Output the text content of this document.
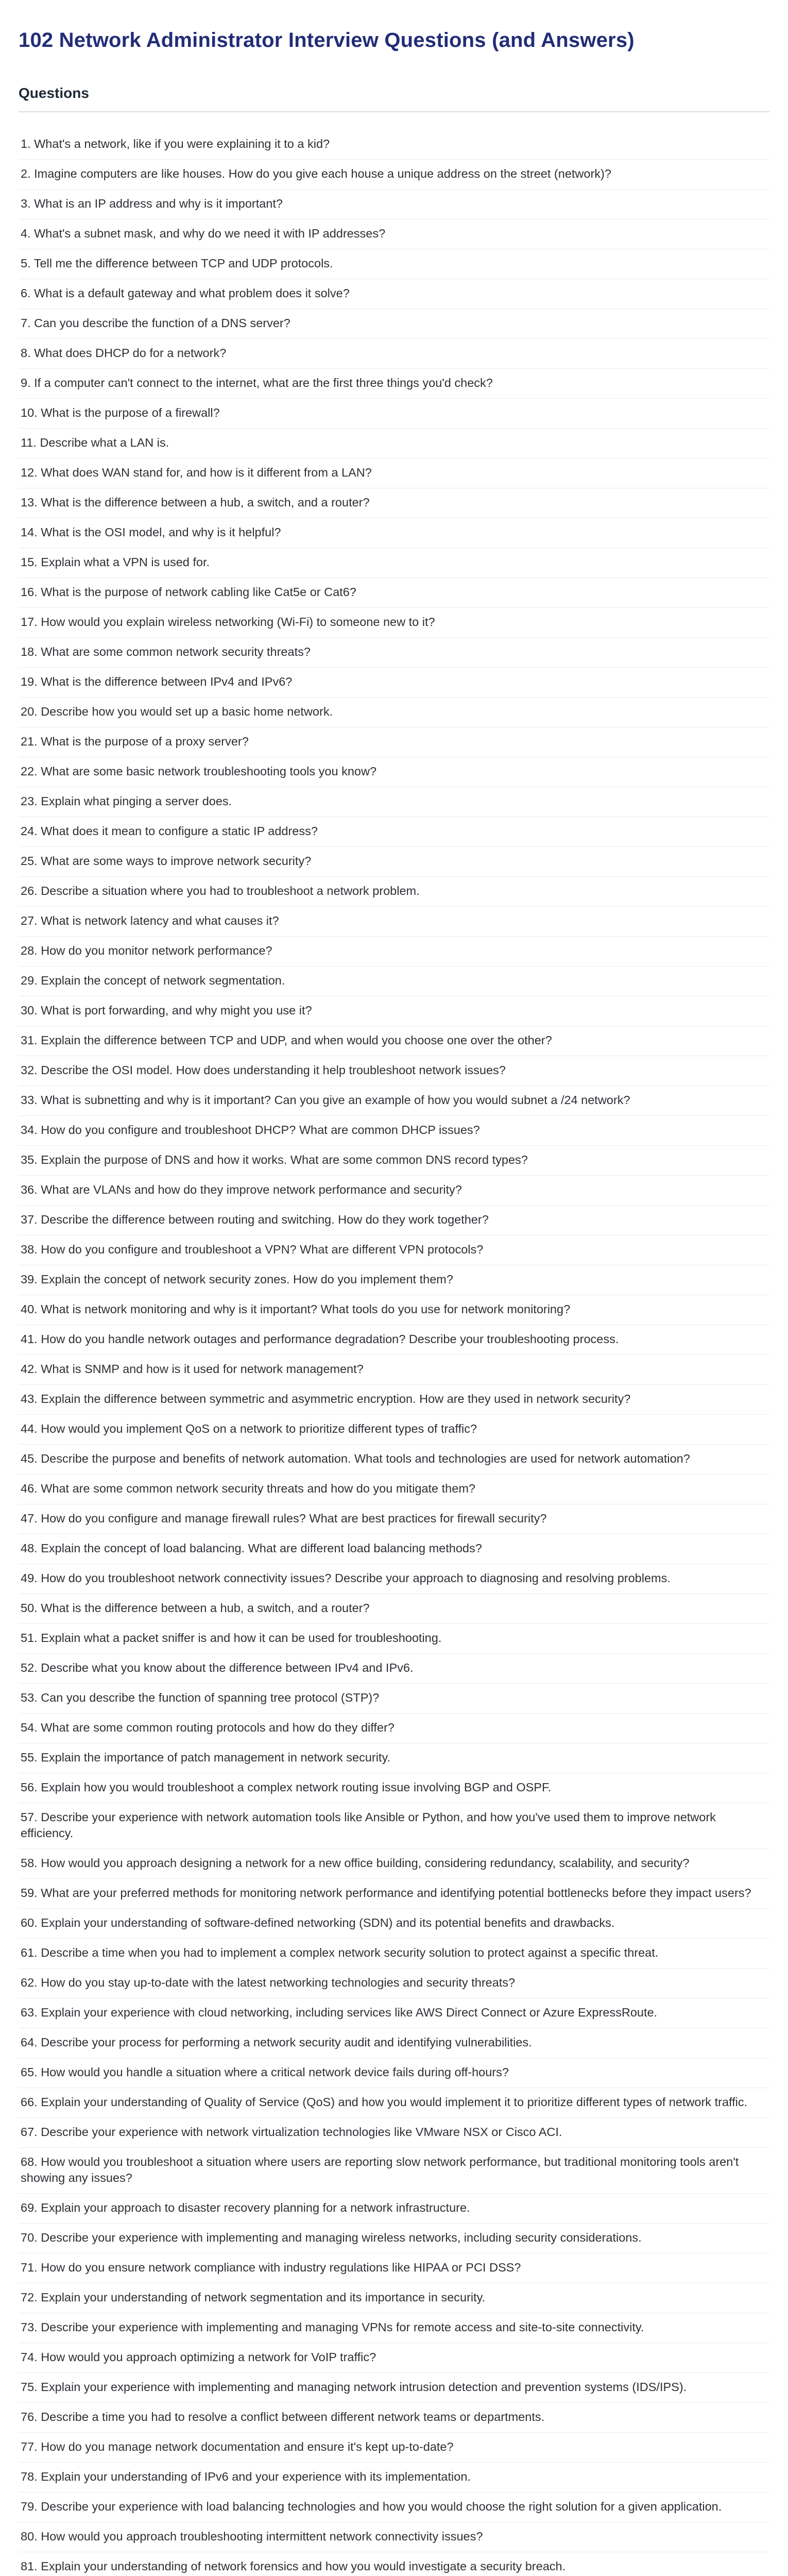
102 Network Administrator Interview Questions (and Answers)
Questions
1. What's a network, like if you were explaining it to a kid?
2. Imagine computers are like houses. How do you give each house a unique address on the street (network)?
3. What is an IP address and why is it important?
4. What's a subnet mask, and why do we need it with IP addresses?
5. Tell me the difference between TCP and UDP protocols.
6. What is a default gateway and what problem does it solve?
7. Can you describe the function of a DNS server?
8. What does DHCP do for a network?
9. If a computer can't connect to the internet, what are the first three things you'd check?
10. What is the purpose of a firewall?
11. Describe what a LAN is.
12. What does WAN stand for, and how is it different from a LAN?
13. What is the difference between a hub, a switch, and a router?
14. What is the OSI model, and why is it helpful?
15. Explain what a VPN is used for.
16. What is the purpose of network cabling like Cat5e or Cat6?
17. How would you explain wireless networking (Wi-Fi) to someone new to it?
18. What are some common network security threats?
19. What is the difference between IPv4 and IPv6?
20. Describe how you would set up a basic home network.
21. What is the purpose of a proxy server?
22. What are some basic network troubleshooting tools you know?
23. Explain what pinging a server does.
24. What does it mean to configure a static IP address?
25. What are some ways to improve network security?
26. Describe a situation where you had to troubleshoot a network problem.
27. What is network latency and what causes it?
28. How do you monitor network performance?
29. Explain the concept of network segmentation.
30. What is port forwarding, and why might you use it?
31. Explain the difference between TCP and UDP, and when would you choose one over the other?
32. Describe the OSI model. How does understanding it help troubleshoot network issues?
33. What is subnetting and why is it important? Can you give an example of how you would subnet a /24 network?
34. How do you configure and troubleshoot DHCP? What are common DHCP issues?
35. Explain the purpose of DNS and how it works. What are some common DNS record types?
36. What are VLANs and how do they improve network performance and security?
37. Describe the difference between routing and switching. How do they work together?
38. How do you configure and troubleshoot a VPN? What are different VPN protocols?
39. Explain the concept of network security zones. How do you implement them?
40. What is network monitoring and why is it important? What tools do you use for network monitoring?
41. How do you handle network outages and performance degradation? Describe your troubleshooting process.
42. What is SNMP and how is it used for network management?
43. Explain the difference between symmetric and asymmetric encryption. How are they used in network security?
44. How would you implement QoS on a network to prioritize different types of traffic?
45. Describe the purpose and benefits of network automation. What tools and technologies are used for network automation?
46. What are some common network security threats and how do you mitigate them?
47. How do you configure and manage firewall rules? What are best practices for firewall security?
48. Explain the concept of load balancing. What are different load balancing methods?
49. How do you troubleshoot network connectivity issues? Describe your approach to diagnosing and resolving problems.
50. What is the difference between a hub, a switch, and a router?
51. Explain what a packet sniffer is and how it can be used for troubleshooting.
52. Describe what you know about the difference between IPv4 and IPv6.
53. Can you describe the function of spanning tree protocol (STP)?
54. What are some common routing protocols and how do they differ?
55. Explain the importance of patch management in network security.
56. Explain how you would troubleshoot a complex network routing issue involving BGP and OSPF.
57. Describe your experience with network automation tools like Ansible or Python, and how you've used them to improve network efficiency.
58. How would you approach designing a network for a new office building, considering redundancy, scalability, and security?
59. What are your preferred methods for monitoring network performance and identifying potential bottlenecks before they impact users?
60. Explain your understanding of software-defined networking (SDN) and its potential benefits and drawbacks.
61. Describe a time when you had to implement a complex network security solution to protect against a specific threat.
62. How do you stay up-to-date with the latest networking technologies and security threats?
63. Explain your experience with cloud networking, including services like AWS Direct Connect or Azure ExpressRoute.
64. Describe your process for performing a network security audit and identifying vulnerabilities.
65. How would you handle a situation where a critical network device fails during off-hours?
66. Explain your understanding of Quality of Service (QoS) and how you would implement it to prioritize different types of network traffic.
67. Describe your experience with network virtualization technologies like VMware NSX or Cisco ACI.
68. How would you troubleshoot a situation where users are reporting slow network performance, but traditional monitoring tools aren't showing any issues?
69. Explain your approach to disaster recovery planning for a network infrastructure.
70. Describe your experience with implementing and managing wireless networks, including security considerations.
71. How do you ensure network compliance with industry regulations like HIPAA or PCI DSS?
72. Explain your understanding of network segmentation and its importance in security.
73. Describe your experience with implementing and managing VPNs for remote access and site-to-site connectivity.
74. How would you approach optimizing a network for VoIP traffic?
75. Explain your experience with implementing and managing network intrusion detection and prevention systems (IDS/IPS).
76. Describe a time you had to resolve a conflict between different network teams or departments.
77. How do you manage network documentation and ensure it's kept up-to-date?
78. Explain your understanding of IPv6 and your experience with its implementation.
79. Describe your experience with load balancing technologies and how you would choose the right solution for a given application.
80. How would you approach troubleshooting intermittent network connectivity issues?
81. Explain your understanding of network forensics and how you would investigate a security breach.
